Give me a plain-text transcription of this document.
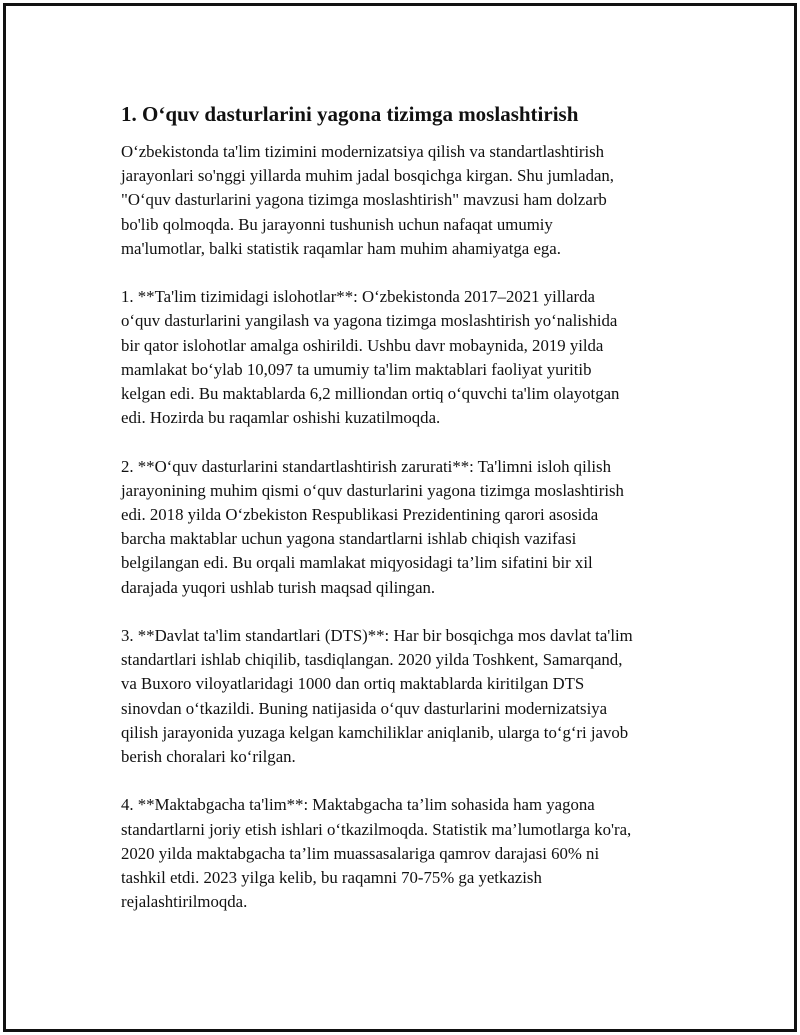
1. O‘quv dasturlarini yagona tizimga moslashtirish

O‘zbekistonda ta'lim tizimini modernizatsiya qilish va standartlashtirish
jarayonlari so'nggi yillarda muhim jadal bosqichga kirgan. Shu jumladan,
"O‘quv dasturlarini yagona tizimga moslashtirish" mavzusi ham dolzarb
bo'lib qolmoqda. Bu jarayonni tushunish uchun nafaqat umumiy
ma'lumotlar, balki statistik raqamlar ham muhim ahamiyatga ega.

1. **Ta'lim tizimidagi islohotlar**: O‘zbekistonda 2017–2021 yillarda
o‘quv dasturlarini yangilash va yagona tizimga moslashtirish yo‘nalishida
bir qator islohotlar amalga oshirildi. Ushbu davr mobaynida, 2019 yilda
mamlakat bo‘ylab 10,097 ta umumiy ta'lim maktablari faoliyat yuritib
kelgan edi. Bu maktablarda 6,2 milliondan ortiq o‘quvchi ta'lim olayotgan
edi. Hozirda bu raqamlar oshishi kuzatilmoqda.

2. **O‘quv dasturlarini standartlashtirish zarurati**: Ta'limni isloh qilish
jarayonining muhim qismi o‘quv dasturlarini yagona tizimga moslashtirish
edi. 2018 yilda O‘zbekiston Respublikasi Prezidentining qarori asosida
barcha maktablar uchun yagona standartlarni ishlab chiqish vazifasi
belgilangan edi. Bu orqali mamlakat miqyosidagi ta’lim sifatini bir xil
darajada yuqori ushlab turish maqsad qilingan.

3. **Davlat ta'lim standartlari (DTS)**: Har bir bosqichga mos davlat ta'lim
standartlari ishlab chiqilib, tasdiqlangan. 2020 yilda Toshkent, Samarqand,
va Buxoro viloyatlaridagi 1000 dan ortiq maktablarda kiritilgan DTS
sinovdan o‘tkazildi. Buning natijasida o‘quv dasturlarini modernizatsiya
qilish jarayonida yuzaga kelgan kamchiliklar aniqlanib, ularga to‘g‘ri javob
berish choralari ko‘rilgan.

4. **Maktabgacha ta'lim**: Maktabgacha ta’lim sohasida ham yagona
standartlarni joriy etish ishlari o‘tkazilmoqda. Statistik ma’lumotlarga ko'ra,
2020 yilda maktabgacha ta’lim muassasalariga qamrov darajasi 60% ni
tashkil etdi. 2023 yilga kelib, bu raqamni 70-75% ga yetkazish
rejalashtirilmoqda.
